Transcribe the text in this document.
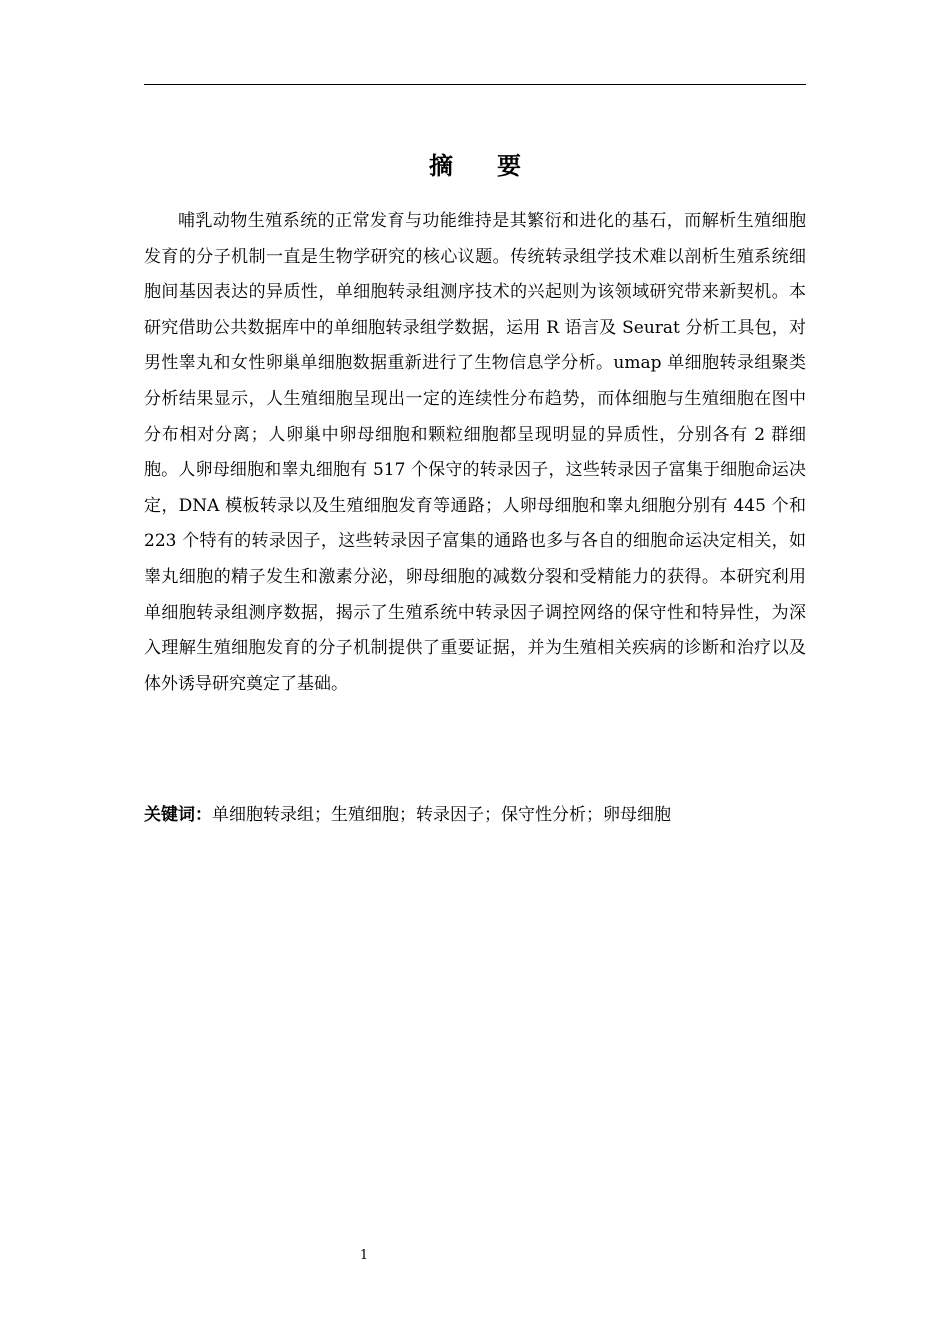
摘 要

哺乳动物生殖系统的正常发育与功能维持是其繁衍和进化的基石，而解析生殖细胞发育的分子机制一直是生物学研究的核心议题。传统转录组学技术难以剖析生殖系统细胞间基因表达的异质性，单细胞转录组测序技术的兴起则为该领域研究带来新契机。本研究借助公共数据库中的单细胞转录组学数据，运用 R 语言及 Seurat 分析工具包，对男性睾丸和女性卵巢单细胞数据重新进行了生物信息学分析。umap 单细胞转录组聚类分析结果显示，人生殖细胞呈现出一定的连续性分布趋势，而体细胞与生殖细胞在图中分布相对分离；人卵巢中卵母细胞和颗粒细胞都呈现明显的异质性，分别各有 2 群细胞。人卵母细胞和睾丸细胞有 517 个保守的转录因子，这些转录因子富集于细胞命运决定，DNA 模板转录以及生殖细胞发育等通路；人卵母细胞和睾丸细胞分别有 445 个和 223 个特有的转录因子，这些转录因子富集的通路也多与各自的细胞命运决定相关，如睾丸细胞的精子发生和激素分泌，卵母细胞的减数分裂和受精能力的获得。本研究利用单细胞转录组测序数据，揭示了生殖系统中转录因子调控网络的保守性和特异性，为深入理解生殖细胞发育的分子机制提供了重要证据，并为生殖相关疾病的诊断和治疗以及体外诱导研究奠定了基础。

关键词：单细胞转录组；生殖细胞；转录因子；保守性分析；卵母细胞

1
